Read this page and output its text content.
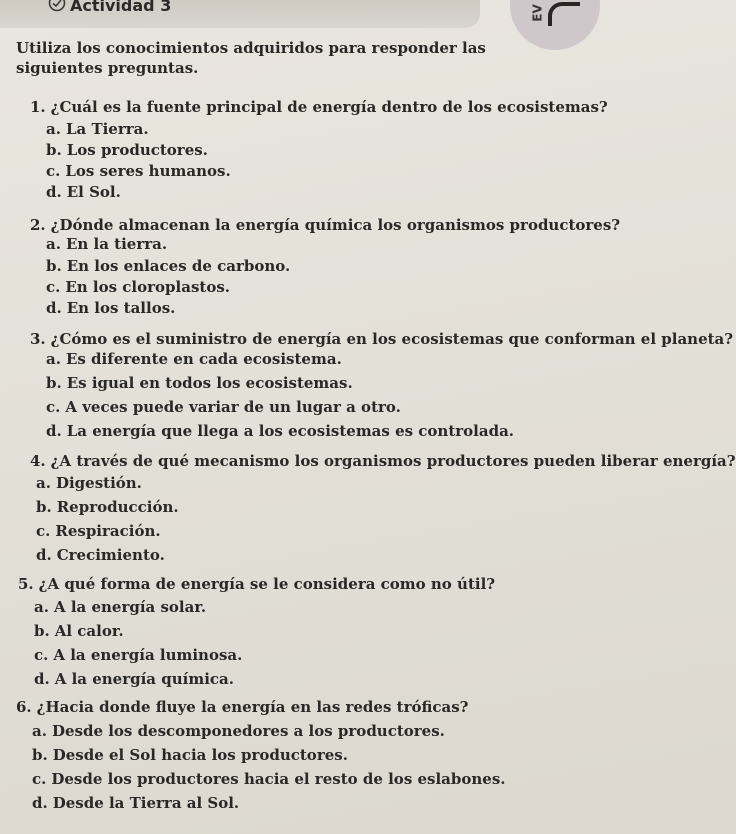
Actividad 3	EV
Utiliza los conocimientos adquiridos para responder las siguientes preguntas.
1. ¿Cuál es la fuente principal de energía dentro de los ecosistemas?
a. La Tierra.
b. Los productores.
c. Los seres humanos.
d. El Sol.
2. ¿Dónde almacenan la energía química los organismos productores?
a. En la tierra.
b. En los enlaces de carbono.
c. En los cloroplastos.
d. En los tallos.
3. ¿Cómo es el suministro de energía en los ecosistemas que conforman el planeta?
a. Es diferente en cada ecosistema.
b. Es igual en todos los ecosistemas.
c. A veces puede variar de un lugar a otro.
d. La energía que llega a los ecosistemas es controlada.
4. ¿A través de qué mecanismo los organismos productores pueden liberar energía?
a. Digestión.
b. Reproducción.
c. Respiración.
d. Crecimiento.
5. ¿A qué forma de energía se le considera como no útil?
a. A la energía solar.
b. Al calor.
c. A la energía luminosa.
d. A la energía química.
6. ¿Hacia donde fluye la energía en las redes tróficas?
a. Desde los descomponedores a los productores.
b. Desde el Sol hacia los productores.
c. Desde los productores hacia el resto de los eslabones.
d. Desde la Tierra al Sol.
